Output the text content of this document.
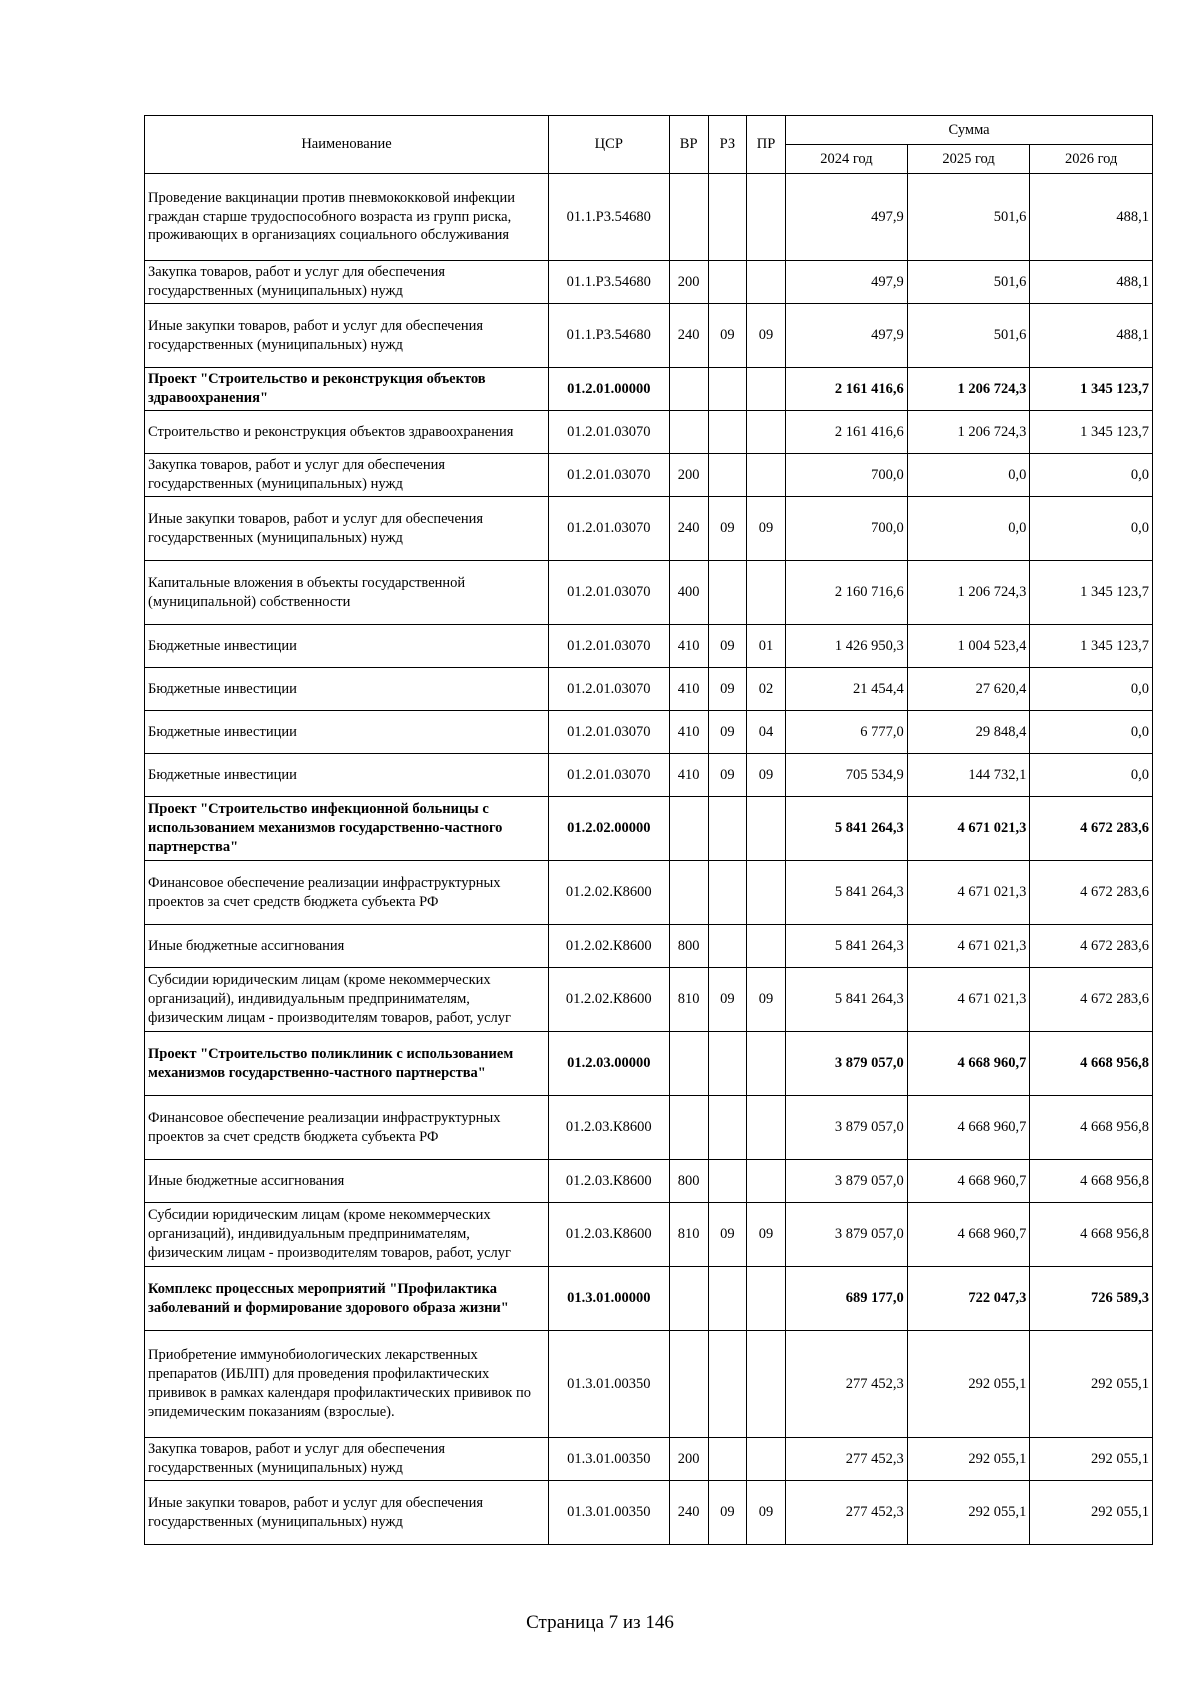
Наименование	ЦСР	ВР	РЗ	ПР	Сумма		
					2024 год	2025 год	2026 год
Проведение вакцинации против пневмококковой инфекции граждан старше трудоспособного возраста из групп риска, проживающих в организациях социального обслуживания	01.1.Р3.54680				497,9	501,6	488,1
Закупка товаров, работ и услуг для обеспечения государственных (муниципальных) нужд	01.1.Р3.54680	200			497,9	501,6	488,1
Иные закупки товаров, работ и услуг для обеспечения государственных (муниципальных) нужд	01.1.Р3.54680	240	09	09	497,9	501,6	488,1
Проект "Строительство и реконструкция объектов здравоохранения"	01.2.01.00000				2 161 416,6	1 206 724,3	1 345 123,7
Строительство и реконструкция объектов здравоохранения	01.2.01.03070				2 161 416,6	1 206 724,3	1 345 123,7
Закупка товаров, работ и услуг для обеспечения государственных (муниципальных) нужд	01.2.01.03070	200			700,0	0,0	0,0
Иные закупки товаров, работ и услуг для обеспечения государственных (муниципальных) нужд	01.2.01.03070	240	09	09	700,0	0,0	0,0
Капитальные вложения в объекты государственной (муниципальной) собственности	01.2.01.03070	400			2 160 716,6	1 206 724,3	1 345 123,7
Бюджетные инвестиции	01.2.01.03070	410	09	01	1 426 950,3	1 004 523,4	1 345 123,7
Бюджетные инвестиции	01.2.01.03070	410	09	02	21 454,4	27 620,4	0,0
Бюджетные инвестиции	01.2.01.03070	410	09	04	6 777,0	29 848,4	0,0
Бюджетные инвестиции	01.2.01.03070	410	09	09	705 534,9	144 732,1	0,0
Проект "Строительство инфекционной больницы с использованием механизмов государственно-частного партнерства"	01.2.02.00000				5 841 264,3	4 671 021,3	4 672 283,6
Финансовое обеспечение реализации инфраструктурных проектов за счет средств бюджета субъекта РФ	01.2.02.К8600				5 841 264,3	4 671 021,3	4 672 283,6
Иные бюджетные ассигнования	01.2.02.К8600	800			5 841 264,3	4 671 021,3	4 672 283,6
Субсидии юридическим лицам (кроме некоммерческих организаций), индивидуальным предпринимателям, физическим лицам - производителям товаров, работ, услуг	01.2.02.К8600	810	09	09	5 841 264,3	4 671 021,3	4 672 283,6
Проект "Строительство поликлиник с использованием механизмов государственно-частного партнерства"	01.2.03.00000				3 879 057,0	4 668 960,7	4 668 956,8
Финансовое обеспечение реализации инфраструктурных проектов за счет средств бюджета субъекта РФ	01.2.03.К8600				3 879 057,0	4 668 960,7	4 668 956,8
Иные бюджетные ассигнования	01.2.03.К8600	800			3 879 057,0	4 668 960,7	4 668 956,8
Субсидии юридическим лицам (кроме некоммерческих организаций), индивидуальным предпринимателям, физическим лицам - производителям товаров, работ, услуг	01.2.03.К8600	810	09	09	3 879 057,0	4 668 960,7	4 668 956,8
Комплекс процессных мероприятий "Профилактика заболеваний и формирование здорового образа жизни"	01.3.01.00000				689 177,0	722 047,3	726 589,3
Приобретение иммунобиологических лекарственных препаратов (ИБЛП) для проведения профилактических прививок в рамках календаря профилактических прививок по эпидемическим показаниям (взрослые).	01.3.01.00350				277 452,3	292 055,1	292 055,1
Закупка товаров, работ и услуг для обеспечения государственных (муниципальных) нужд	01.3.01.00350	200			277 452,3	292 055,1	292 055,1
Иные закупки товаров, работ и услуг для обеспечения государственных (муниципальных) нужд	01.3.01.00350	240	09	09	277 452,3	292 055,1	292 055,1
Страница 7 из 146
